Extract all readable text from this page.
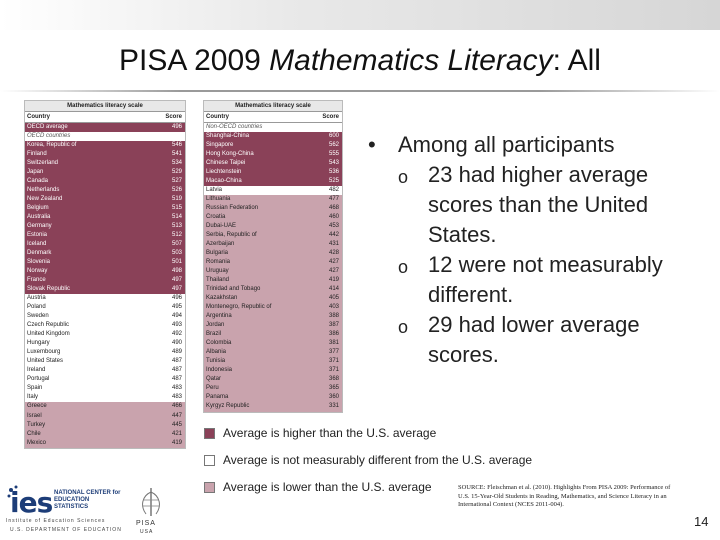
PISA 2009 Mathematics Literacy: All
Mathematics literacy scale
Country	Score
OECD average	496
OECD countries
Korea, Republic of	546
Finland	541
Switzerland	534
Japan	529
Canada	527
Netherlands	526
New Zealand	519
Belgium	515
Australia	514
Germany	513
Estonia	512
Iceland	507
Denmark	503
Slovenia	501
Norway	498
France	497
Slovak Republic	497
Austria	496
Poland	495
Sweden	494
Czech Republic	493
United Kingdom	492
Hungary	490
Luxembourg	489
United States	487
Ireland	487
Portugal	487
Spain	483
Italy	483
Greece	466
Israel	447
Turkey	445
Chile	421
Mexico	419
Mathematics literacy scale
Country	Score
Non-OECD countries
Shanghai-China	600
Singapore	562
Hong Kong-China	555
Chinese Taipei	543
Liechtenstein	536
Macao-China	525
Latvia	482
Lithuania	477
Russian Federation	468
Croatia	460
Dubai-UAE	453
Serbia, Republic of	442
Azerbaijan	431
Bulgaria	428
Romania	427
Uruguay	427
Thailand	419
Trinidad and Tobago	414
Kazakhstan	405
Montenegro, Republic of	403
Argentina	388
Jordan	387
Brazil	386
Colombia	381
Albania	377
Tunisia	371
Indonesia	371
Qatar	368
Peru	365
Panama	360
Kyrgyz Republic	331
•	Among all participants
o 23 had higher average scores than the United States.
o 12 were not measurably different.
o 29 had lower average scores.
Average is higher than the U.S. average
Average is not measurably different from the U.S. average
Average is lower than the U.S. average
ies NATIONAL CENTER for
EDUCATION STATISTICS
Institute of Education Sciences
U.S. DEPARTMENT OF EDUCATION
PISA
USA
SOURCE: Fleischman et al. (2010). Highlights From PISA 2009: Performance of U.S. 15-Year-Old Students in Reading, Mathematics, and Science Literacy in an International Context (NCES 2011-004).
14
